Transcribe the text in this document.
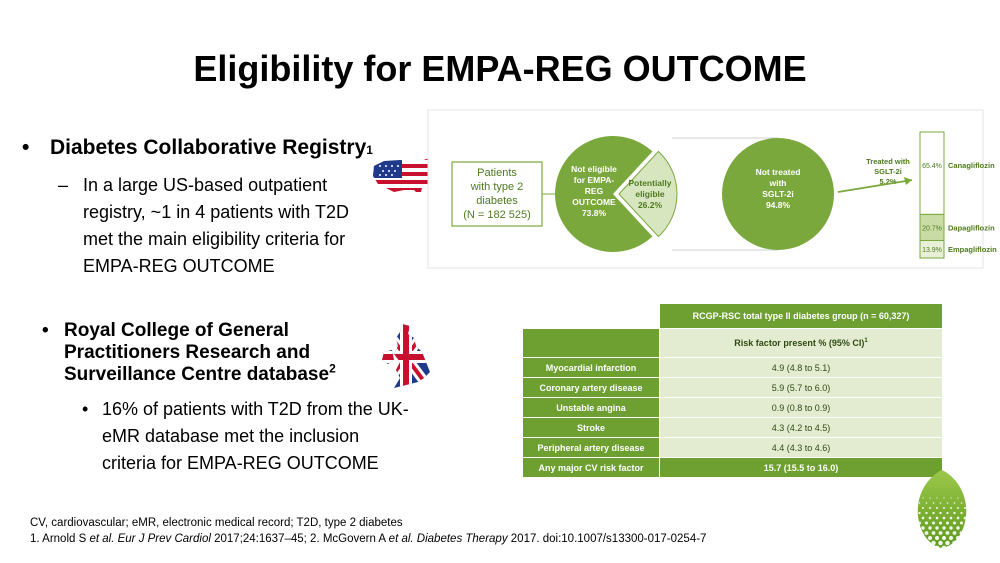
Eligibility for EMPA-REG OUTCOME
• Diabetes Collaborative Registry 1
– In a large US-based outpatient registry, ~1 in 4 patients with T2D met the main eligibility criteria for EMPA-REG OUTCOME
• Royal College of General Practitioners Research and Surveillance Centre database$^2$
• 16% of patients with T2D from the UK-eMR database met the inclusion criteria for EMPA-REG OUTCOME
Patients
with type 2
diabetes
(N = 182 525)
Not eligible
for EMPA-
REG
OUTCOME
73.8%
Potentially
eligible
26.2%
Not treated
with
SGLT-2i
94.8%
Treated with
SGLT-2i
5.2%
65.4% Canagliflozin
20.7% Dapagliflozin
13.9% Empagliflozin
	RCGP-RSC total type II diabetes group (n = 60,327)
	Risk factor present % (95% CI)$^1$
Myocardial infarction	4.9 (4.8 to 5.1)
Coronary artery disease	5.9 (5.7 to 6.0)
Unstable angina	0.9 (0.8 to 0.9)
Stroke	4.3 (4.2 to 4.5)
Peripheral artery disease	4.4 (4.3 to 4.6)
Any major CV risk factor	15.7 (15.5 to 16.0)
CV, cardiovascular; eMR, electronic medical record; T2D, type 2 diabetes
1. Arnold S et al. Eur J Prev Cardiol 2017;24:1637–45; 2. McGovern A et al. Diabetes Therapy 2017. doi:10.1007/s13300-017-0254-7
